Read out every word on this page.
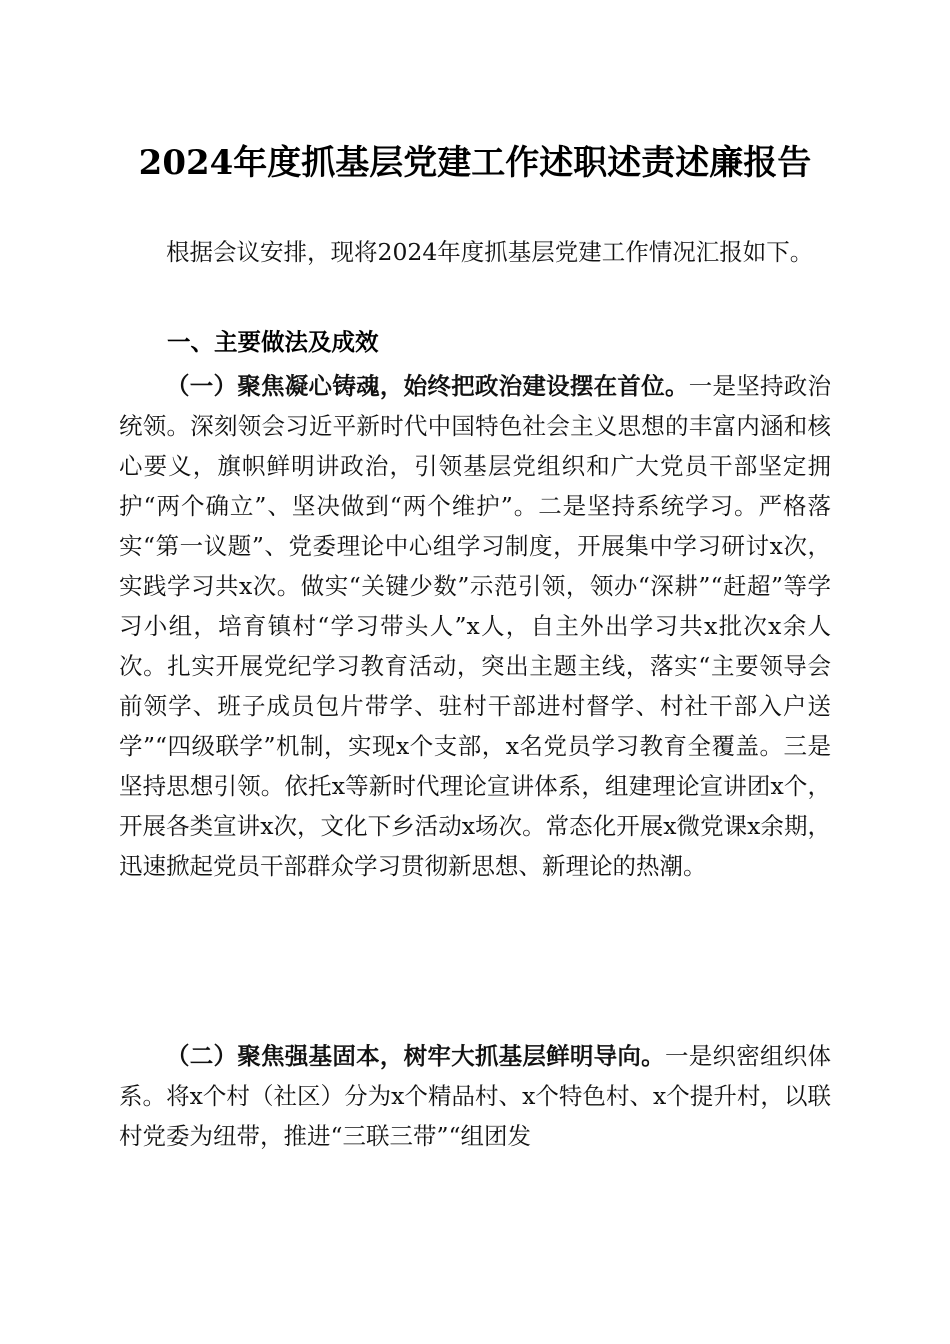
2024年度抓基层党建工作述职述责述廉报告
根据会议安排，现将2024年度抓基层党建工作情况汇报如下。
一、主要做法及成效
（一）聚焦凝心铸魂，始终把政治建设摆在首位。一是坚持政治统领。深刻领会习近平新时代中国特色社会主义思想的丰富内涵和核心要义，旗帜鲜明讲政治，引领基层党组织和广大党员干部坚定拥护“两个确立”、坚决做到“两个维护”。二是坚持系统学习。严格落实“第一议题”、党委理论中心组学习制度，开展集中学习研讨x次，实践学习共x次。做实“关键少数”示范引领，领办“深耕”“赶超”等学习小组，培育镇村“学习带头人”x人，自主外出学习共x批次x余人次。扎实开展党纪学习教育活动，突出主题主线，落实“主要领导会前领学、班子成员包片带学、驻村干部进村督学、村社干部入户送学”“四级联学”机制，实现x个支部，x名党员学习教育全覆盖。三是坚持思想引领。依托x等新时代理论宣讲体系，组建理论宣讲团x个，开展各类宣讲x次，文化下乡活动x场次。常态化开展x微党课x余期，迅速掀起党员干部群众学习贯彻新思想、新理论的热潮。
（二）聚焦强基固本，树牢大抓基层鲜明导向。一是织密组织体系。将x个村（社区）分为x个精品村、x个特色村、x个提升村，以联村党委为纽带，推进“三联三带”“组团发
